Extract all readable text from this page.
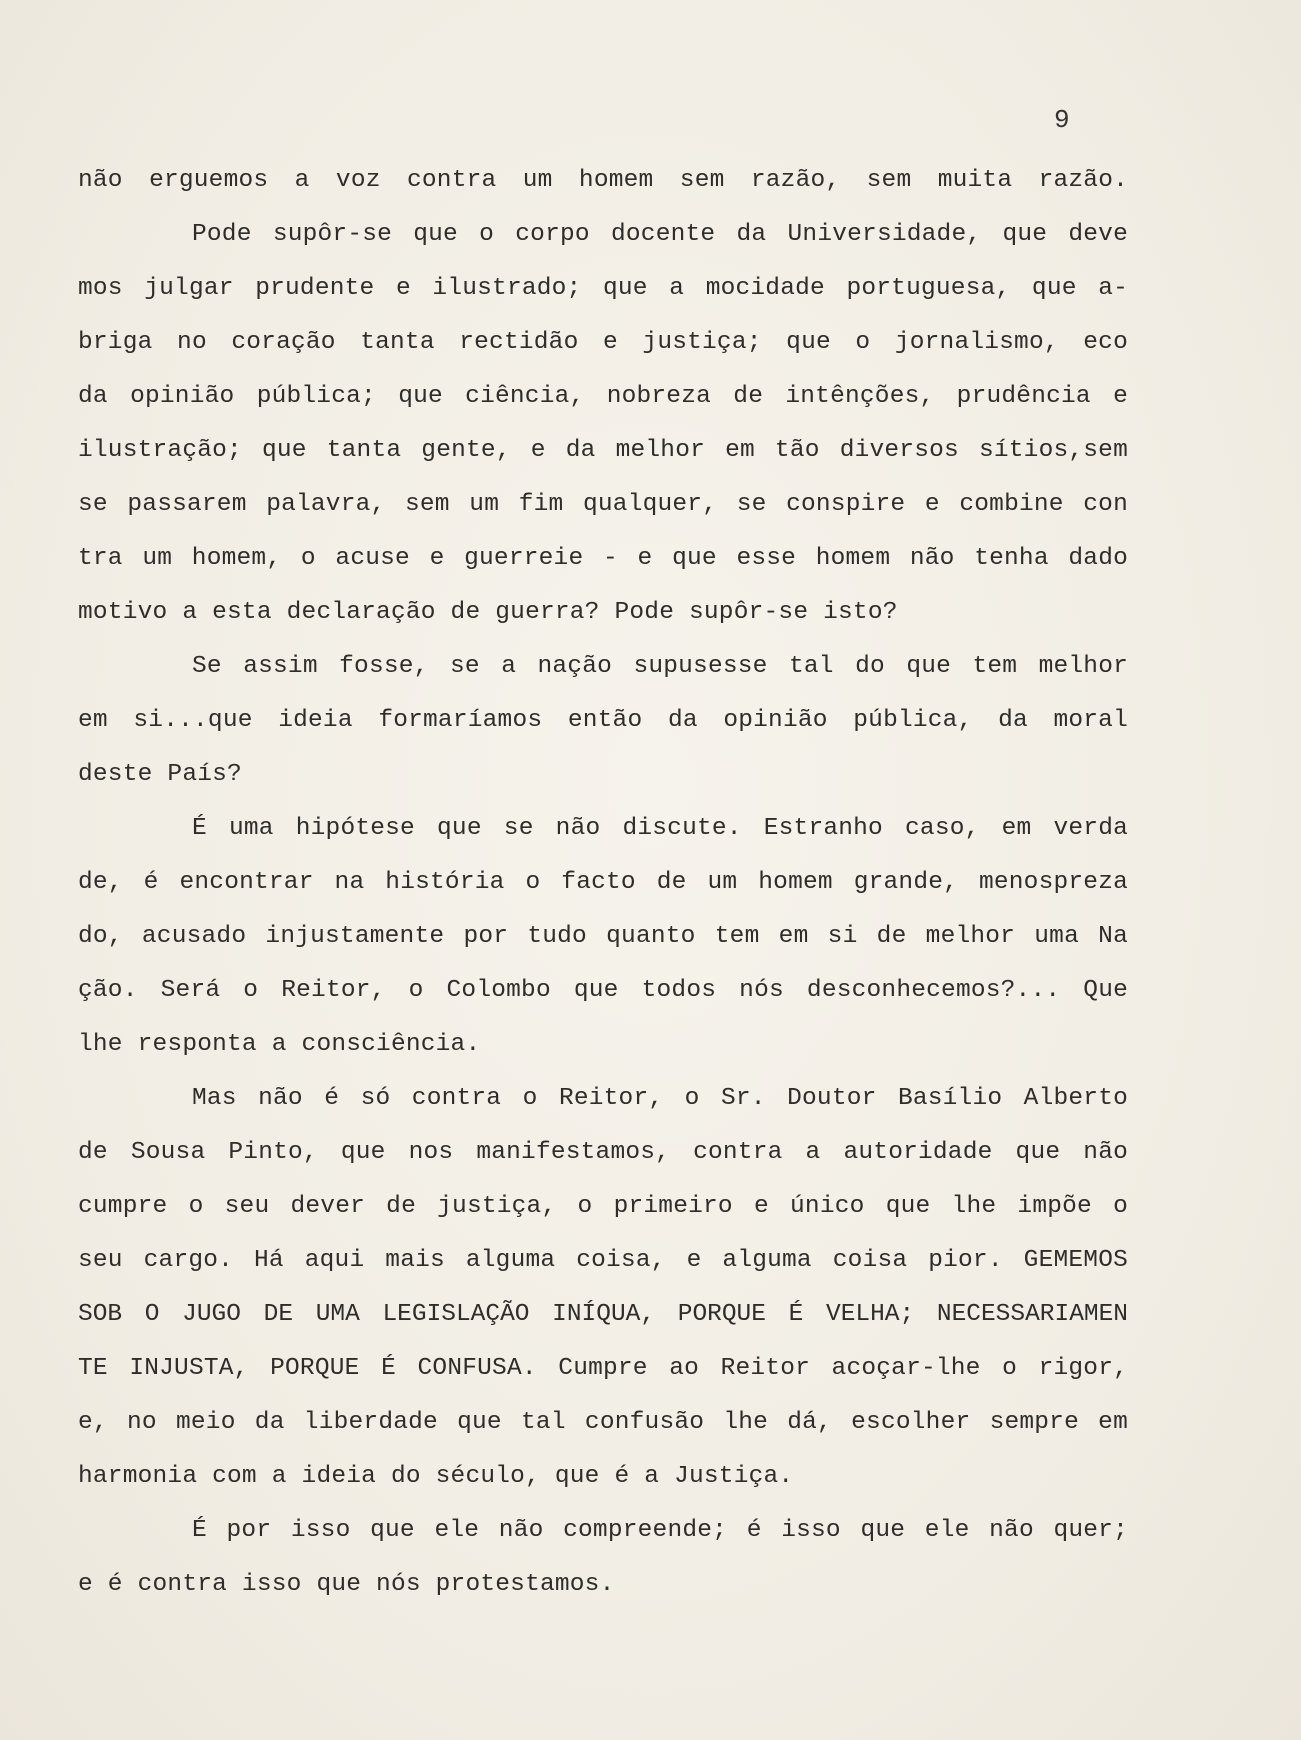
9
não erguemos a voz contra um homem sem razão, sem muita razão.
Pode supôr-se que o corpo docente da Universidade, que deve
mos julgar prudente e ilustrado; que a mocidade portuguesa, que a-
briga no coração tanta rectidão e justiça; que o jornalismo, eco
da opinião pública; que ciência, nobreza de intênções, prudência e
ilustração; que tanta gente, e da melhor em tão diversos sítios,sem
se passarem palavra, sem um fim qualquer, se conspire e combine con
tra um homem, o acuse e guerreie - e que esse homem não tenha dado
motivo a esta declaração de guerra? Pode supôr-se isto?
Se assim fosse, se a nação supusesse tal do que tem melhor
em si...que ideia formaríamos então da opinião pública, da moral
deste País?
É uma hipótese que se não discute. Estranho caso, em verda
de, é encontrar na história o facto de um homem grande, menospreza
do, acusado injustamente por tudo quanto tem em si de melhor uma Na
ção. Será o Reitor, o Colombo que todos nós desconhecemos?... Que
lhe responta a consciência.
Mas não é só contra o Reitor, o Sr. Doutor Basílio Alberto
de Sousa Pinto, que nos manifestamos, contra a autoridade que não
cumpre o seu dever de justiça, o primeiro e único que lhe impõe o
seu cargo. Há aqui mais alguma coisa, e alguma coisa pior. GEMEMOS
SOB O JUGO DE UMA LEGISLAÇÃO INÍQUA, PORQUE É VELHA; NECESSARIAMEN
TE INJUSTA, PORQUE É CONFUSA. Cumpre ao Reitor acoçar-lhe o rigor,
e, no meio da liberdade que tal confusão lhe dá, escolher sempre em
harmonia com a ideia do século, que é a Justiça.
É por isso que ele não compreende; é isso que ele não quer;
e é contra isso que nós protestamos.
